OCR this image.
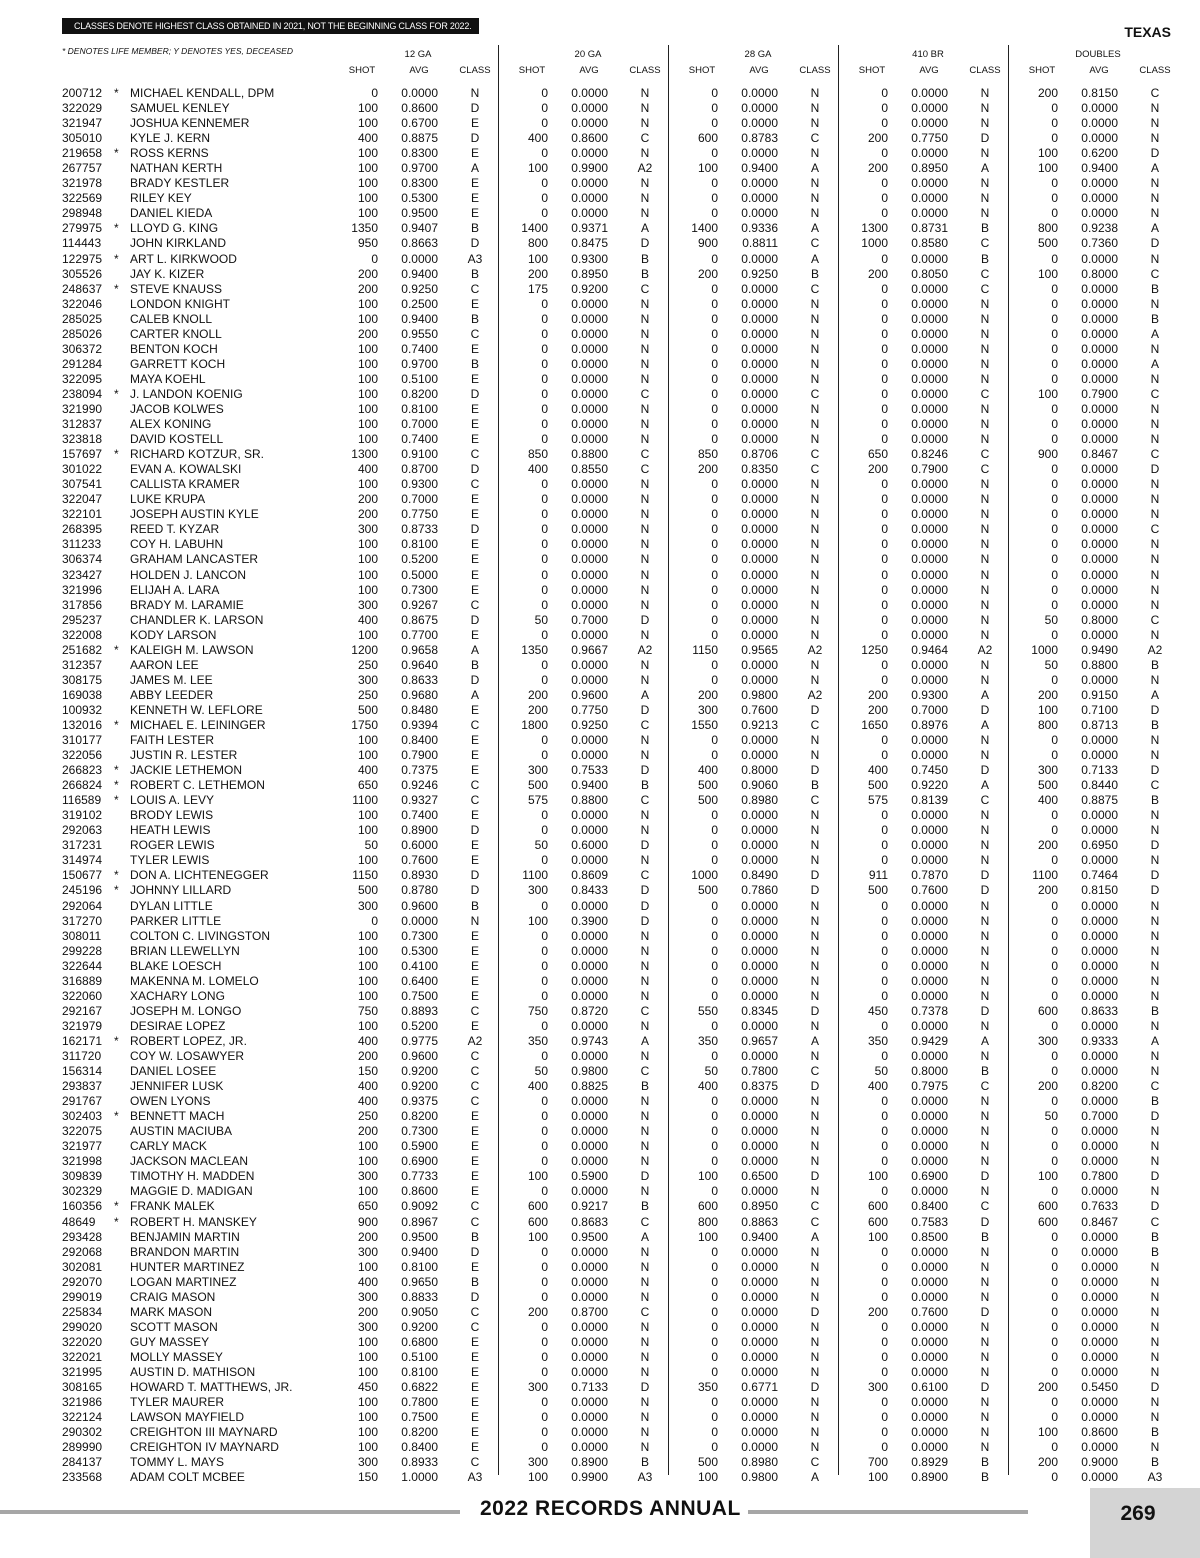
CLASSES DENOTE HIGHEST CLASS OBTAINED IN 2021, NOT THE BEGINNING CLASS FOR 2022.	TEXAS
* DENOTES LIFE MEMBER; Y DENOTES YES, DECEASED	12 GA
SHOT	AVG	CLASS
20 GA
SHOT	AVG	CLASS
28 GA
SHOT	AVG	CLASS
410 BR
SHOT	AVG	CLASS
DOUBLES
SHOT	AVG	CLASS
200712 * MICHAEL KENDALL, DPM	0 0.0000	N	0 0.0000	N	0 0.0000	N	0 0.0000	N	200 0.8150	C
322029 SAMUEL KENLEY	100 0.8600	D	0 0.0000	N	0 0.0000	N	0 0.0000	N	0 0.0000	N
321947 JOSHUA KENNEMER	100 0.6700	E	0 0.0000	N	0 0.0000	N	0 0.0000	N	0 0.0000	N
305010 KYLE J. KERN	400 0.8875	D	400 0.8600	C	600 0.8783	C	200 0.7750	D	0 0.0000	N
219658 * ROSS KERNS	100 0.8300	E	0 0.0000	N	0 0.0000	N	0 0.0000	N	100 0.6200	D
267757 NATHAN KERTH	100 0.9700	A	100 0.9900	A2	100 0.9400	A	200 0.8950	A	100 0.9400	A
321978 BRADY KESTLER	100 0.8300	E	0 0.0000	N	0 0.0000	N	0 0.0000	N	0 0.0000	N
322569 RILEY KEY	100 0.5300	E	0 0.0000	N	0 0.0000	N	0 0.0000	N	0 0.0000	N
298948 DANIEL KIEDA	100 0.9500	E	0 0.0000	N	0 0.0000	N	0 0.0000	N	0 0.0000	N
279975 * LLOYD G. KING	1350 0.9407	B	1400 0.9371	A	1400 0.9336	A	1300 0.8731	B	800 0.9238	A
114443 JOHN KIRKLAND	950 0.8663	D	800 0.8475	D	900 0.8811	C	1000 0.8580	C	500 0.7360	D
122975 * ART L. KIRKWOOD	0 0.0000	A3	100 0.9300	B	0 0.0000	A	0 0.0000	B	0 0.0000	N
305526 JAY K. KIZER	200 0.9400	B	200 0.8950	B	200 0.9250	B	200 0.8050	C	100 0.8000	C
248637 * STEVE KNAUSS	200 0.9250	C	175 0.9200	C	0 0.0000	C	0 0.0000	C	0 0.0000	B
322046 LONDON KNIGHT	100 0.2500	E	0 0.0000	N	0 0.0000	N	0 0.0000	N	0 0.0000	N
285025 CALEB KNOLL	100 0.9400	B	0 0.0000	N	0 0.0000	N	0 0.0000	N	0 0.0000	B
285026 CARTER KNOLL	200 0.9550	C	0 0.0000	N	0 0.0000	N	0 0.0000	N	0 0.0000	A
306372 BENTON KOCH	100 0.7400	E	0 0.0000	N	0 0.0000	N	0 0.0000	N	0 0.0000	N
291284 GARRETT KOCH	100 0.9700	B	0 0.0000	N	0 0.0000	N	0 0.0000	N	0 0.0000	A
322095 MAYA KOEHL	100 0.5100	E	0 0.0000	N	0 0.0000	N	0 0.0000	N	0 0.0000	N
238094 * J. LANDON KOENIG	100 0.8200	D	0 0.0000	C	0 0.0000	C	0 0.0000	C	100 0.7900	C
321990 JACOB KOLWES	100 0.8100	E	0 0.0000	N	0 0.0000	N	0 0.0000	N	0 0.0000	N
312837 ALEX KONING	100 0.7000	E	0 0.0000	N	0 0.0000	N	0 0.0000	N	0 0.0000	N
323818 DAVID KOSTELL	100 0.7400	E	0 0.0000	N	0 0.0000	N	0 0.0000	N	0 0.0000	N
157697 * RICHARD KOTZUR, SR.	1300 0.9100	C	850 0.8800	C	850 0.8706	C	650 0.8246	C	900 0.8467	C
301022 EVAN A. KOWALSKI	400 0.8700	D	400 0.8550	C	200 0.8350	C	200 0.7900	C	0 0.0000	D
307541 CALLISTA KRAMER	100 0.9300	C	0 0.0000	N	0 0.0000	N	0 0.0000	N	0 0.0000	N
322047 LUKE KRUPA	200 0.7000	E	0 0.0000	N	0 0.0000	N	0 0.0000	N	0 0.0000	N
322101 JOSEPH AUSTIN KYLE	200 0.7750	E	0 0.0000	N	0 0.0000	N	0 0.0000	N	0 0.0000	N
268395 REED T. KYZAR	300 0.8733	D	0 0.0000	N	0 0.0000	N	0 0.0000	N	0 0.0000	C
311233 COY H. LABUHN	100 0.8100	E	0 0.0000	N	0 0.0000	N	0 0.0000	N	0 0.0000	N
306374 GRAHAM LANCASTER	100 0.5200	E	0 0.0000	N	0 0.0000	N	0 0.0000	N	0 0.0000	N
323427 HOLDEN J. LANCON	100 0.5000	E	0 0.0000	N	0 0.0000	N	0 0.0000	N	0 0.0000	N
321996 ELIJAH A. LARA	100 0.7300	E	0 0.0000	N	0 0.0000	N	0 0.0000	N	0 0.0000	N
317856 BRADY M. LARAMIE	300 0.9267	C	0 0.0000	N	0 0.0000	N	0 0.0000	N	0 0.0000	N
295237 CHANDLER K. LARSON	400 0.8675	D	50 0.7000	D	0 0.0000	N	0 0.0000	N	50 0.8000	C
322008 KODY LARSON	100 0.7700	E	0 0.0000	N	0 0.0000	N	0 0.0000	N	0 0.0000	N
251682 * KALEIGH M. LAWSON	1200 0.9658	A	1350 0.9667	A2	1150 0.9565	A2	1250 0.9464	A2	1000 0.9490	A2
312357 AARON LEE	250 0.9640	B	0 0.0000	N	0 0.0000	N	0 0.0000	N	50 0.8800	B
308175 JAMES M. LEE	300 0.8633	D	0 0.0000	N	0 0.0000	N	0 0.0000	N	0 0.0000	N
169038 ABBY LEEDER	250 0.9680	A	200 0.9600	A	200 0.9800	A2	200 0.9300	A	200 0.9150	A
100932 KENNETH W. LEFLORE	500 0.8480	E	200 0.7750	D	300 0.7600	D	200 0.7000	D	100 0.7100	D
132016 * MICHAEL E. LEININGER	1750 0.9394	C	1800 0.9250	C	1550 0.9213	C	1650 0.8976	A	800 0.8713	B
310177 FAITH LESTER	100 0.8400	E	0 0.0000	N	0 0.0000	N	0 0.0000	N	0 0.0000	N
322056 JUSTIN R. LESTER	100 0.7900	E	0 0.0000	N	0 0.0000	N	0 0.0000	N	0 0.0000	N
266823 * JACKIE LETHEMON	400 0.7375	E	300 0.7533	D	400 0.8000	D	400 0.7450	D	300 0.7133	D
266824 * ROBERT C. LETHEMON	650 0.9246	C	500 0.9400	B	500 0.9060	B	500 0.9220	A	500 0.8440	C
116589 * LOUIS A. LEVY	1100 0.9327	C	575 0.8800	C	500 0.8980	C	575 0.8139	C	400 0.8875	B
319102 BRODY LEWIS	100 0.7400	E	0 0.0000	N	0 0.0000	N	0 0.0000	N	0 0.0000	N
292063 HEATH LEWIS	100 0.8900	D	0 0.0000	N	0 0.0000	N	0 0.0000	N	0 0.0000	N
317231 ROGER LEWIS	50 0.6000	E	50 0.6000	D	0 0.0000	N	0 0.0000	N	200 0.6950	D
314974 TYLER LEWIS	100 0.7600	E	0 0.0000	N	0 0.0000	N	0 0.0000	N	0 0.0000	N
150677 * DON A. LICHTENEGGER	1150 0.8930	D	1100 0.8609	C	1000 0.8490	D	911 0.7870	D	1100 0.7464	D
245196 * JOHNNY LILLARD	500 0.8780	D	300 0.8433	D	500 0.7860	D	500 0.7600	D	200 0.8150	D
292064 DYLAN LITTLE	300 0.9600	B	0 0.0000	D	0 0.0000	N	0 0.0000	N	0 0.0000	N
317270 PARKER LITTLE	0 0.0000	N	100 0.3900	D	0 0.0000	N	0 0.0000	N	0 0.0000	N
308011 COLTON C. LIVINGSTON	100 0.7300	E	0 0.0000	N	0 0.0000	N	0 0.0000	N	0 0.0000	N
299228 BRIAN LLEWELLYN	100 0.5300	E	0 0.0000	N	0 0.0000	N	0 0.0000	N	0 0.0000	N
322644 BLAKE LOESCH	100 0.4100	E	0 0.0000	N	0 0.0000	N	0 0.0000	N	0 0.0000	N
316889 MAKENNA M. LOMELO	100 0.6400	E	0 0.0000	N	0 0.0000	N	0 0.0000	N	0 0.0000	N
322060 XACHARY LONG	100 0.7500	E	0 0.0000	N	0 0.0000	N	0 0.0000	N	0 0.0000	N
292167 JOSEPH M. LONGO	750 0.8893	C	750 0.8720	C	550 0.8345	D	450 0.7378	D	600 0.8633	B
321979 DESIRAE LOPEZ	100 0.5200	E	0 0.0000	N	0 0.0000	N	0 0.0000	N	0 0.0000	N
162171 * ROBERT LOPEZ, JR.	400 0.9775	A2	350 0.9743	A	350 0.9657	A	350 0.9429	A	300 0.9333	A
311720 COY W. LOSAWYER	200 0.9600	C	0 0.0000	N	0 0.0000	N	0 0.0000	N	0 0.0000	N
156314 DANIEL LOSEE	150 0.9200	C	50 0.9800	C	50 0.7800	C	50 0.8000	B	0 0.0000	N
293837 JENNIFER LUSK	400 0.9200	C	400 0.8825	B	400 0.8375	D	400 0.7975	C	200 0.8200	C
291767 OWEN LYONS	400 0.9375	C	0 0.0000	N	0 0.0000	N	0 0.0000	N	0 0.0000	B
302403 * BENNETT MACH	250 0.8200	E	0 0.0000	N	0 0.0000	N	0 0.0000	N	50 0.7000	D
322075 AUSTIN MACIUBA	200 0.7300	E	0 0.0000	N	0 0.0000	N	0 0.0000	N	0 0.0000	N
321977 CARLY MACK	100 0.5900	E	0 0.0000	N	0 0.0000	N	0 0.0000	N	0 0.0000	N
321998 JACKSON MACLEAN	100 0.6900	E	0 0.0000	N	0 0.0000	N	0 0.0000	N	0 0.0000	N
309839 TIMOTHY H. MADDEN	300 0.7733	E	100 0.5900	D	100 0.6500	D	100 0.6900	D	100 0.7800	D
302329 MAGGIE D. MADIGAN	100 0.8600	E	0 0.0000	N	0 0.0000	N	0 0.0000	N	0 0.0000	N
160356 * FRANK MALEK	650 0.9092	C	600 0.9217	B	600 0.8950	C	600 0.8400	C	600 0.7633	D
48649 * ROBERT H. MANSKEY	900 0.8967	C	600 0.8683	C	800 0.8863	C	600 0.7583	D	600 0.8467	C
293428 BENJAMIN MARTIN	200 0.9500	B	100 0.9500	A	100 0.9400	A	100 0.8500	B	0 0.0000	B
292068 BRANDON MARTIN	300 0.9400	D	0 0.0000	N	0 0.0000	N	0 0.0000	N	0 0.0000	B
302081 HUNTER MARTINEZ	100 0.8100	E	0 0.0000	N	0 0.0000	N	0 0.0000	N	0 0.0000	N
292070 LOGAN MARTINEZ	400 0.9650	B	0 0.0000	N	0 0.0000	N	0 0.0000	N	0 0.0000	N
299019 CRAIG MASON	300 0.8833	D	0 0.0000	N	0 0.0000	N	0 0.0000	N	0 0.0000	N
225834 MARK MASON	200 0.9050	C	200 0.8700	C	0 0.0000	D	200 0.7600	D	0 0.0000	N
299020 SCOTT MASON	300 0.9200	C	0 0.0000	N	0 0.0000	N	0 0.0000	N	0 0.0000	N
322020 GUY MASSEY	100 0.6800	E	0 0.0000	N	0 0.0000	N	0 0.0000	N	0 0.0000	N
322021 MOLLY MASSEY	100 0.5100	E	0 0.0000	N	0 0.0000	N	0 0.0000	N	0 0.0000	N
321995 AUSTIN D. MATHISON	100 0.8100	E	0 0.0000	N	0 0.0000	N	0 0.0000	N	0 0.0000	N
308165 HOWARD T. MATTHEWS, JR.	450 0.6822	E	300 0.7133	D	350 0.6771	D	300 0.6100	D	200 0.5450	D
321986 TYLER MAURER	100 0.7800	E	0 0.0000	N	0 0.0000	N	0 0.0000	N	0 0.0000	N
322124 LAWSON MAYFIELD	100 0.7500	E	0 0.0000	N	0 0.0000	N	0 0.0000	N	0 0.0000	N
290302 CREIGHTON III MAYNARD	100 0.8200	E	0 0.0000	N	0 0.0000	N	0 0.0000	N	100 0.8600	B
289990 CREIGHTON IV MAYNARD	100 0.8400	E	0 0.0000	N	0 0.0000	N	0 0.0000	N	0 0.0000	N
284137 TOMMY L. MAYS	300 0.8933	C	300 0.8900	B	500 0.8980	C	700 0.8929	B	200 0.9000	B
233568 ADAM COLT MCBEE	150 1.0000	A3	100 0.9900	A3	100 0.9800	A	100 0.8900	B	0 0.0000	A3
2022 RECORDS ANNUAL	269
